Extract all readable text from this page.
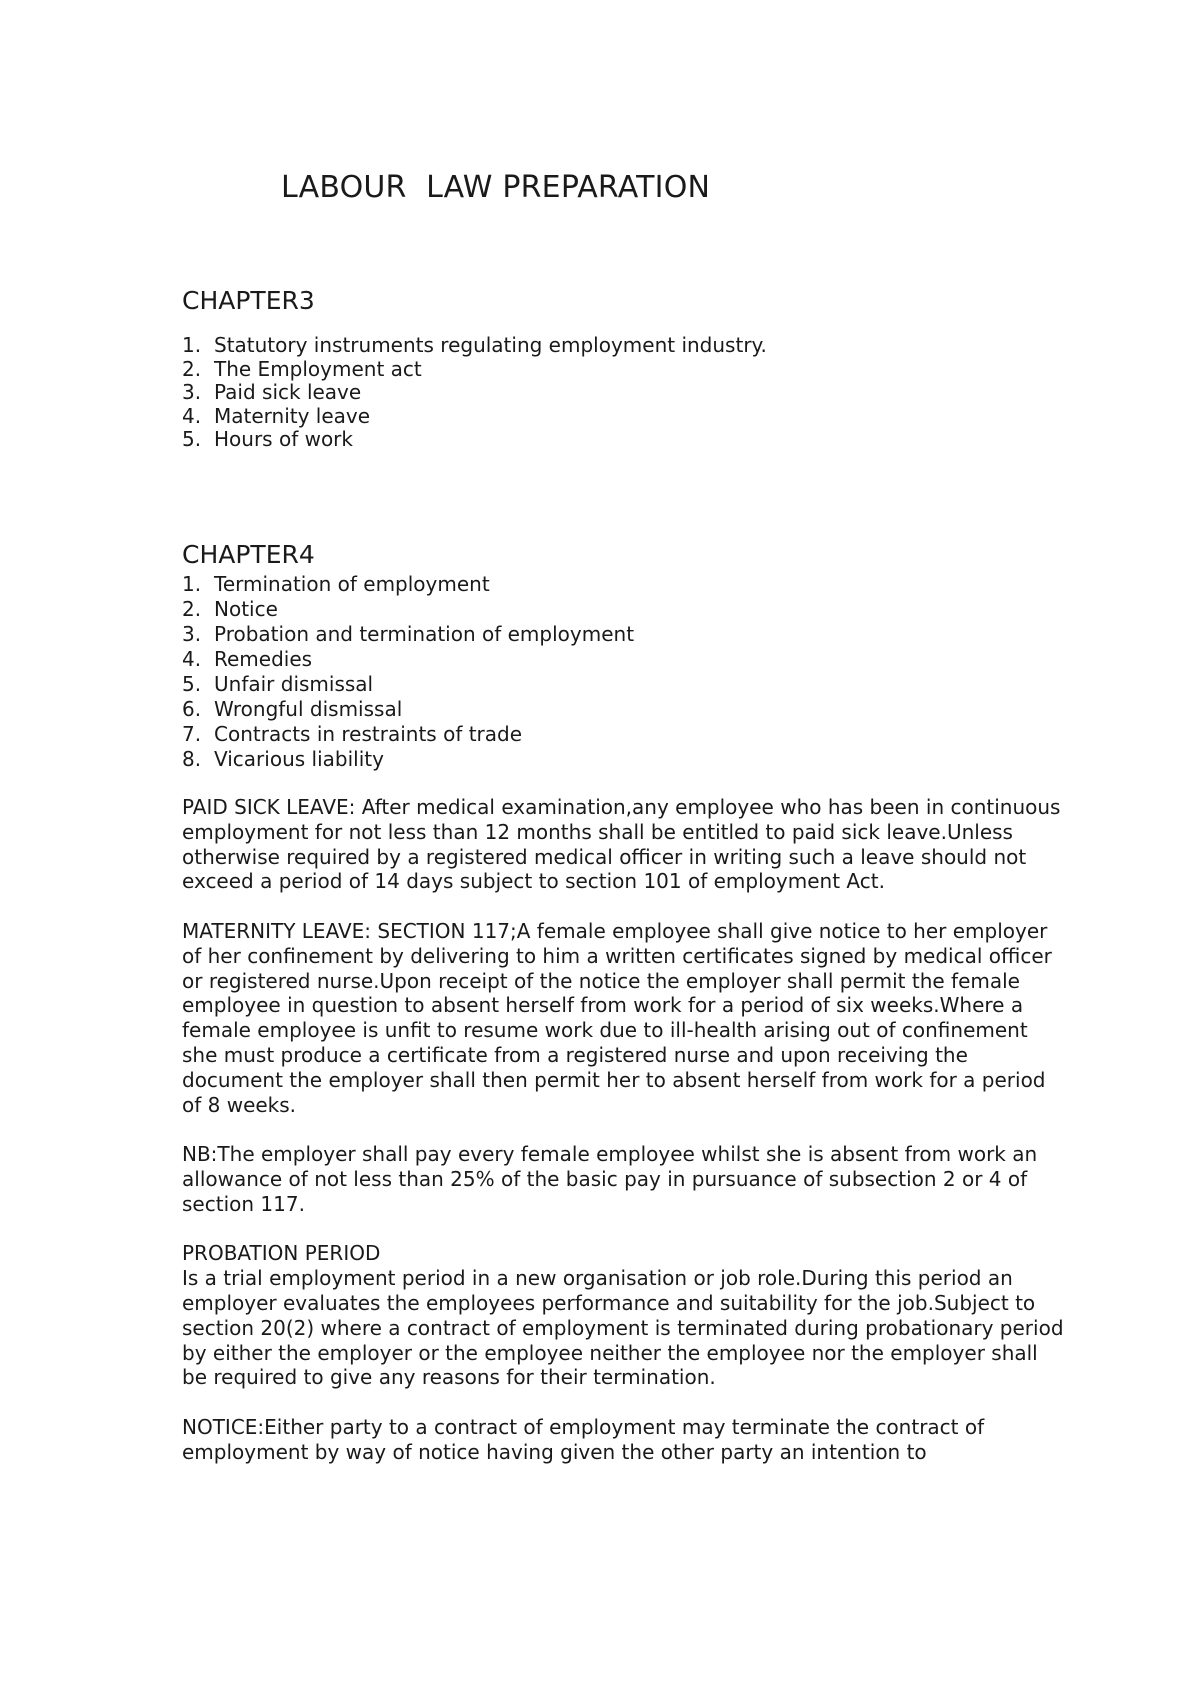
LABOUR  LAW PREPARATION
CHAPTER3
1. Statutory instruments regulating employment industry.
2. The Employment act
3. Paid sick leave
4. Maternity leave
5. Hours of work
CHAPTER4
1. Termination of employment
2. Notice
3. Probation and termination of employment
4. Remedies
5. Unfair dismissal
6. Wrongful dismissal
7. Contracts in restraints of trade
8. Vicarious liability

PAID SICK LEAVE: After medical examination,any employee who has been in continuous employment for not less than 12 months shall be entitled to paid sick leave.Unless otherwise required by a registered medical officer in writing such a leave should not exceed a period of 14 days subject to section 101 of employment Act.

MATERNITY LEAVE: SECTION 117;A female employee shall give notice to her employer of her confinement by delivering to him a written certificates signed by medical officer or registered nurse.Upon receipt of the notice the employer shall permit the female employee in question to absent herself from work for a period of six weeks.Where a female employee is unfit to resume work due to ill-health arising out of confinement she must produce a certificate from a registered nurse and upon receiving the document the employer shall then permit her to absent herself from work for a period of 8 weeks.

NB:The employer shall pay every female employee whilst she is absent from work an allowance of not less than 25% of the basic pay in pursuance of subsection 2 or 4 of section 117.

PROBATION PERIOD

Is a trial employment period in a new organisation or job role.During this period an employer evaluates the employees performance and suitability for the job.Subject to section 20(2) where a contract of employment is terminated during probationary period by either the employer or the employee neither the employee nor the employer shall be required to give any reasons for their termination.

NOTICE:Either party to a contract of employment may terminate the contract of employment by way of notice having given the other party an intention to
